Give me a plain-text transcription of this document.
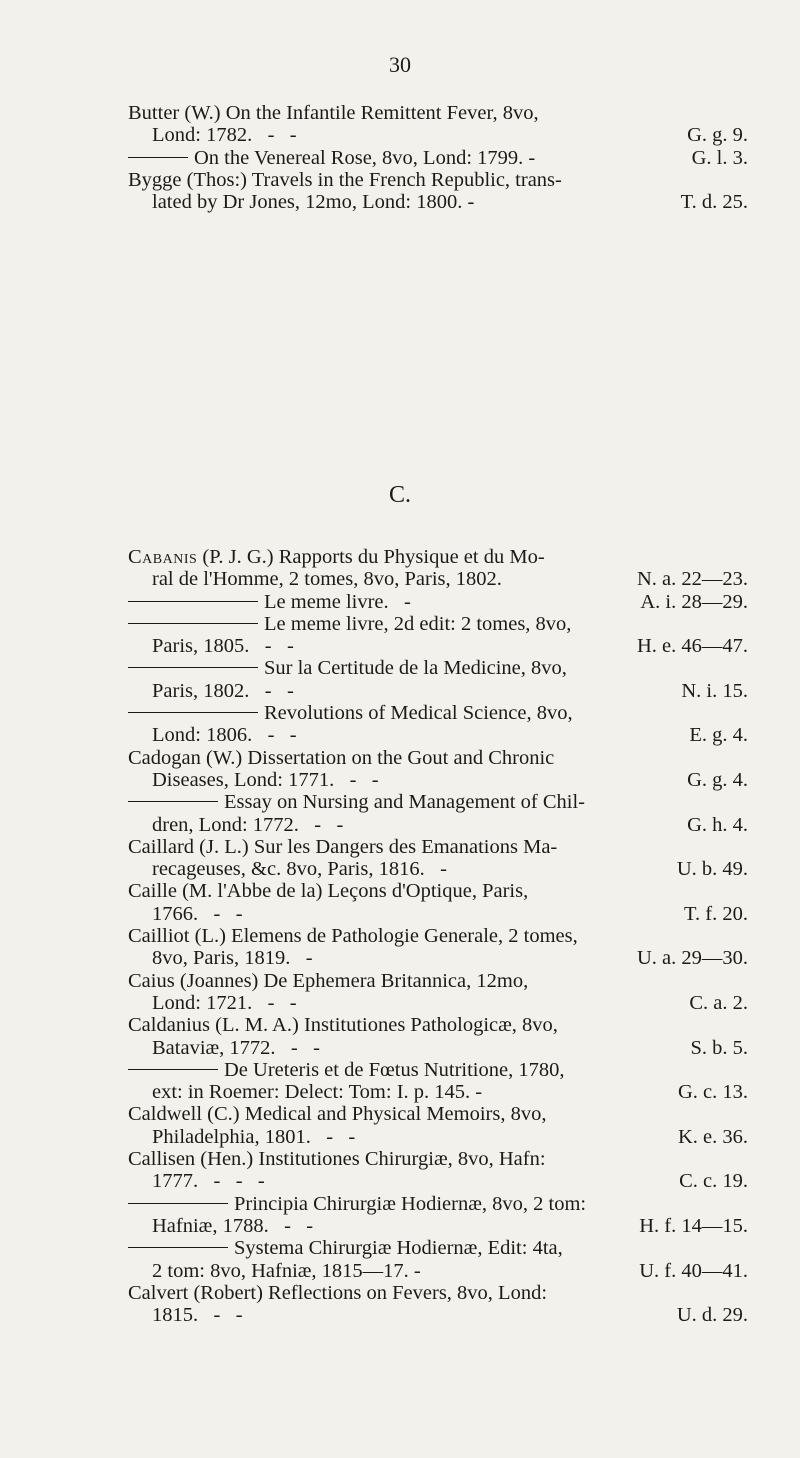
30
Butter (W.) On the Infantile Remittent Fever, 8vo,
Lond: 1782.   -   -	G. g. 9.
On the Venereal Rose, 8vo, Lond: 1799. -	G. l. 3.
Bygge (Thos:) Travels in the French Republic, trans-
lated by Dr Jones, 12mo, Lond: 1800. -	T. d. 25.
C.
Cabanis (P. J. G.) Rapports du Physique et du Mo-
ral de l'Homme, 2 tomes, 8vo, Paris, 1802.	N. a. 22—23.
Le meme livre.   -	A. i. 28—29.
Le meme livre, 2d edit: 2 tomes, 8vo,
Paris, 1805.   -   -	H. e. 46—47.
Sur la Certitude de la Medicine, 8vo,
Paris, 1802.   -   -	N. i. 15.
Revolutions of Medical Science, 8vo,
Lond: 1806.   -   -	E. g. 4.
Cadogan (W.) Dissertation on the Gout and Chronic
Diseases, Lond: 1771.   -   -	G. g. 4.
Essay on Nursing and Management of Chil-
dren, Lond: 1772.   -   -	G. h. 4.
Caillard (J. L.) Sur les Dangers des Emanations Ma-
recageuses, &c. 8vo, Paris, 1816.   -	U. b. 49.
Caille (M. l'Abbe de la) Leçons d'Optique, Paris,
1766.   -   -	T. f. 20.
Cailliot (L.) Elemens de Pathologie Generale, 2 tomes,
8vo, Paris, 1819.   -	U. a. 29—30.
Caius (Joannes) De Ephemera Britannica, 12mo,
Lond: 1721.   -   -	C. a. 2.
Caldanius (L. M. A.) Institutiones Pathologicæ, 8vo,
Bataviæ, 1772.   -   -	S. b. 5.
De Ureteris et de Fœtus Nutritione, 1780,
ext: in Roemer: Delect: Tom: I. p. 145. -	G. c. 13.
Caldwell (C.) Medical and Physical Memoirs, 8vo,
Philadelphia, 1801.   -   -	K. e. 36.
Callisen (Hen.) Institutiones Chirurgiæ, 8vo, Hafn:
1777.   -   -   -	C. c. 19.
Principia Chirurgiæ Hodiernæ, 8vo, 2 tom:
Hafniæ, 1788.   -   -	H. f. 14—15.
Systema Chirurgiæ Hodiernæ, Edit: 4ta,
2 tom: 8vo, Hafniæ, 1815—17. -	U. f. 40—41.
Calvert (Robert) Reflections on Fevers, 8vo, Lond:
1815.   -   -	U. d. 29.
